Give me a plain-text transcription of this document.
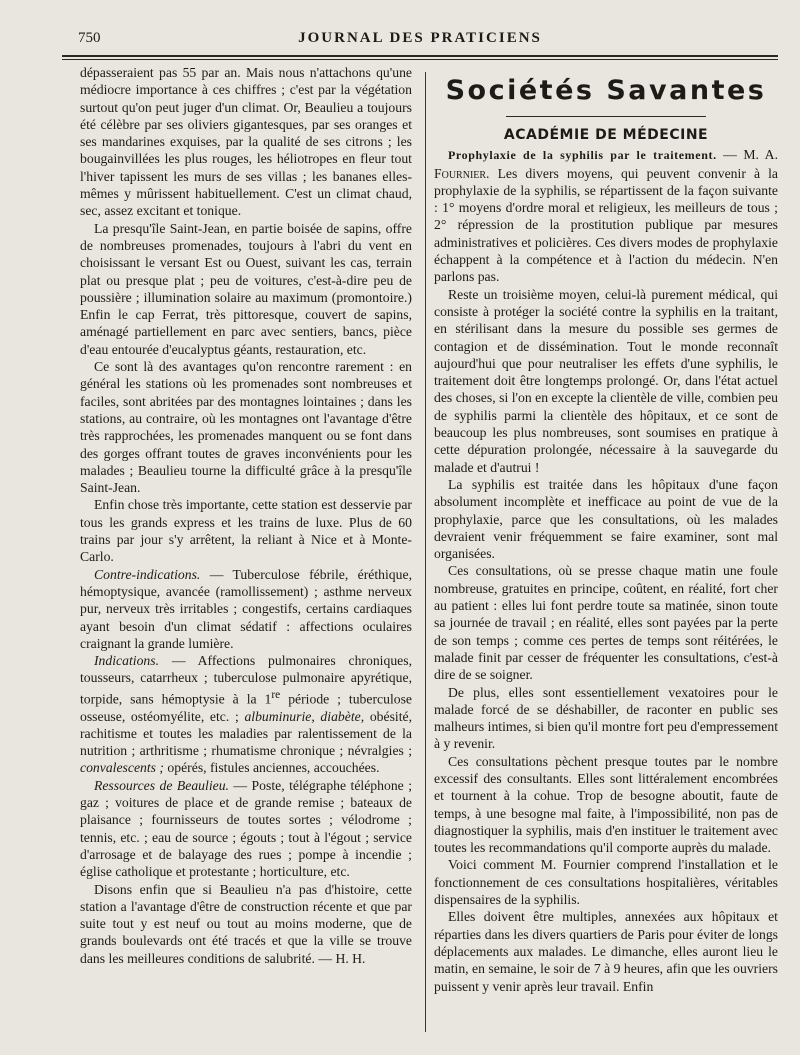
750	JOURNAL DES PRATICIENS

dépasseraient pas 55 par an. Mais nous n'attachons qu'une médiocre importance à ces chiffres ; c'est par la végétation surtout qu'on peut juger d'un climat. Or, Beaulieu a toujours été célèbre par ses oliviers gigantesques, par ses oranges et ses mandarines exquises, par la qualité de ses citrons ; les bougainvillées les plus rouges, les héliotropes en fleur tout l'hiver tapissent les murs de ses villas ; les bananes elles-mêmes y mûrissent habituellement. C'est un climat chaud, sec, assez excitant et tonique.

La presqu'île Saint-Jean, en partie boisée de sapins, offre de nombreuses promenades, toujours à l'abri du vent en choisissant le versant Est ou Ouest, suivant les cas, terrain plat ou presque plat ; peu de voitures, c'est-à-dire peu de poussière ; illumination solaire au maximum (promontoire.) Enfin le cap Ferrat, très pittoresque, couvert de sapins, aménagé partiellement en parc avec sentiers, bancs, pièce d'eau entourée d'eucalyptus géants, restauration, etc.

Ce sont là des avantages qu'on rencontre rarement : en général les stations où les promenades sont nombreuses et faciles, sont abritées par des montagnes lointaines ; dans les stations, au contraire, où les montagnes ont l'avantage d'être très rapprochées, les promenades manquent ou se font dans des gorges offrant toutes de graves inconvénients pour les malades ; Beaulieu tourne la difficulté grâce à la presqu'île Saint-Jean.

Enfin chose très importante, cette station est desservie par tous les grands express et les trains de luxe. Plus de 60 trains par jour s'y arrêtent, la reliant à Nice et à Monte-Carlo.

Contre-indications. — Tuberculose fébrile, éréthique, hémoptysique, avancée (ramollissement) ; asthme nerveux pur, nerveux très irritables ; congestifs, certains cardiaques ayant besoin d'un climat sédatif : affections oculaires craignant la grande lumière.

Indications. — Affections pulmonaires chroniques, tousseurs, catarrheux ; tuberculose pulmonaire apyrétique, torpide, sans hémoptysie à la 1re période ; tuberculose osseuse, ostéomyélite, etc. ; albuminurie, diabète, obésité, rachitisme et toutes les maladies par ralentissement de la nutrition ; arthritisme ; rhumatisme chronique ; névralgies ; convalescents ; opérés, fistules anciennes, accouchées.

Ressources de Beaulieu. — Poste, télégraphe téléphone ; gaz ; voitures de place et de grande remise ; bateaux de plaisance ; fournisseurs de toutes sortes ; vélodrome ; tennis, etc. ; eau de source ; égouts ; tout à l'égout ; service d'arrosage et de balayage des rues ; pompe à incendie ; église catholique et protestante ; horticulture, etc.

Disons enfin que si Beaulieu n'a pas d'histoire, cette station a l'avantage d'être de construction récente et que par suite tout y est neuf ou tout au moins moderne, que de grands boulevards ont été tracés et que la ville se trouve dans les meilleures conditions de salubrité. — H. H.

Sociétés Savantes
ACADÉMIE DE MÉDECINE

Prophylaxie de la syphilis par le traitement. — M. A. Fournier. Les divers moyens, qui peuvent convenir à la prophylaxie de la syphilis, se répartissent de la façon suivante : 1° moyens d'ordre moral et religieux, les meilleurs de tous ; 2° répression de la prostitution publique par mesures administratives et policières. Ces divers modes de prophylaxie échappent à la compétence et à l'action du médecin. N'en parlons pas.

Reste un troisième moyen, celui-là purement médical, qui consiste à protéger la société contre la syphilis en la traitant, en stérilisant dans la mesure du possible ses germes de contagion et de dissémination. Tout le monde reconnaît aujourd'hui que pour neutraliser les effets d'une syphilis, le traitement doit être longtemps prolongé. Or, dans l'état actuel des choses, si l'on en excepte la clientèle de ville, combien peu de syphilis parmi la clientèle des hôpitaux, et ce sont de beaucoup les plus nombreuses, sont soumises en pratique à cette dépuration prolongée, nécessaire à la sauvegarde du malade et d'autrui !

La syphilis est traitée dans les hôpitaux d'une façon absolument incomplète et inefficace au point de vue de la prophylaxie, parce que les consultations, où les malades devraient venir fréquemment se faire examiner, sont mal organisées.

Ces consultations, où se presse chaque matin une foule nombreuse, gratuites en principe, coûtent, en réalité, fort cher au patient : elles lui font perdre toute sa matinée, sinon toute sa journée de travail ; en réalité, elles sont payées par la perte de son temps ; comme ces pertes de temps sont réitérées, le malade finit par cesser de fréquenter les consultations, c'est-à dire de se soigner.

De plus, elles sont essentiellement vexatoires pour le malade forcé de se déshabiller, de raconter en public ses malheurs intimes, si bien qu'il montre fort peu d'empressement à y revenir.

Ces consultations pèchent presque toutes par le nombre excessif des consultants. Elles sont littéralement encombrées et tournent à la cohue. Trop de besogne aboutit, faute de temps, à une besogne mal faite, à l'impossibilité, non pas de diagnostiquer la syphilis, mais d'en instituer le traitement avec toutes les recommandations qu'il comporte auprès du malade.

Voici comment M. Fournier comprend l'installation et le fonctionnement de ces consultations hospitalières, véritables dispensaires de la syphilis.

Elles doivent être multiples, annexées aux hôpitaux et réparties dans les divers quartiers de Paris pour éviter de longs déplacements aux malades. Le dimanche, elles auront lieu le matin, en semaine, le soir de 7 à 9 heures, afin que les ouvriers puissent y venir après leur travail. Enfin
